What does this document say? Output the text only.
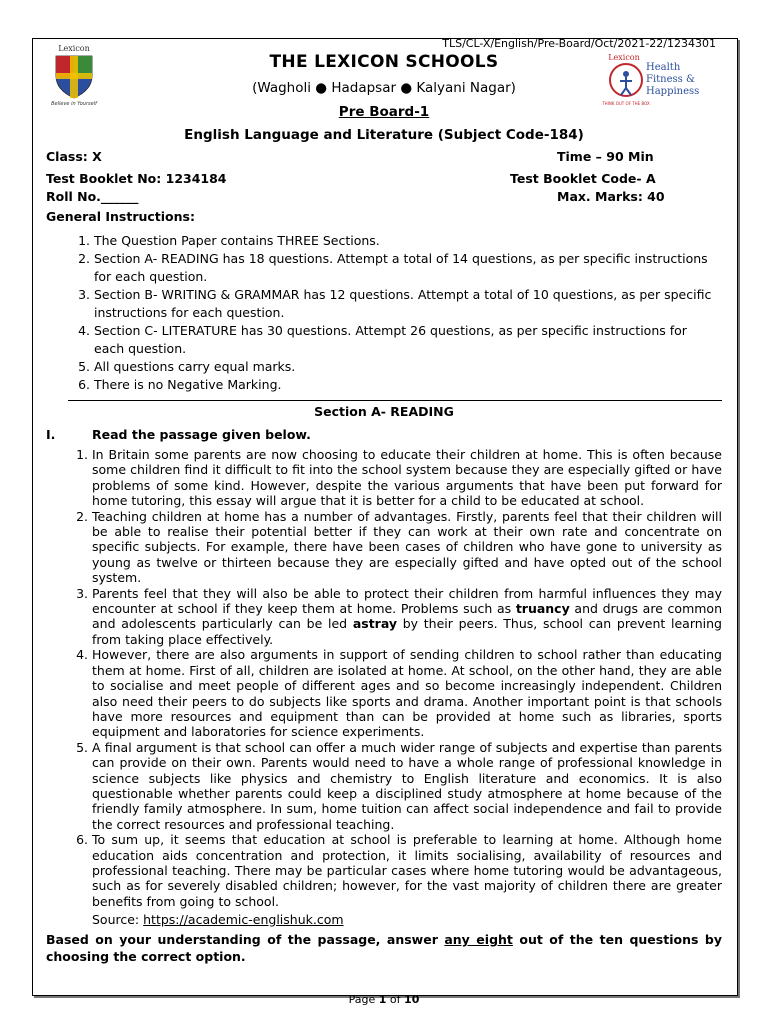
TLS/CL-X/English/Pre-Board/Oct/2021-22/1234301
Lexicon
Believe in Yourself
THE LEXICON SCHOOLS
(Wagholi ● Hadapsar ● Kalyani Nagar)
Pre Board-1
English Language and Literature (Subject Code-184)
Lexicon
Health
Fitness &
Happiness
THINK OUT OF THE BOX
Class: X	Time – 90 Min
Test Booklet No: 1234184	Test Booklet Code- A
Roll No.______	Max. Marks: 40
General Instructions:
1. The Question Paper contains THREE Sections.
2. Section A- READING has 18 questions. Attempt a total of 14 questions, as per specific instructions for each question.
3. Section B- WRITING & GRAMMAR has 12 questions. Attempt a total of 10 questions, as per specific instructions for each question.
4. Section C- LITERATURE has 30 questions. Attempt 26 questions, as per specific instructions for each question.
5. All questions carry equal marks.
6. There is no Negative Marking.
Section A- READING
I.	Read the passage given below.
1. In Britain some parents are now choosing to educate their children at home. This is often because some children find it difficult to fit into the school system because they are especially gifted or have problems of some kind. However, despite the various arguments that have been put forward for home tutoring, this essay will argue that it is better for a child to be educated at school.
2. Teaching children at home has a number of advantages. Firstly, parents feel that their children will be able to realise their potential better if they can work at their own rate and concentrate on specific subjects. For example, there have been cases of children who have gone to university as young as twelve or thirteen because they are especially gifted and have opted out of the school system.
3. Parents feel that they will also be able to protect their children from harmful influences they may encounter at school if they keep them at home. Problems such as truancy and drugs are common and adolescents particularly can be led astray by their peers. Thus, school can prevent learning from taking place effectively.
4. However, there are also arguments in support of sending children to school rather than educating them at home. First of all, children are isolated at home. At school, on the other hand, they are able to socialise and meet people of different ages and so become increasingly independent. Children also need their peers to do subjects like sports and drama. Another important point is that schools have more resources and equipment than can be provided at home such as libraries, sports equipment and laboratories for science experiments.
5. A final argument is that school can offer a much wider range of subjects and expertise than parents can provide on their own. Parents would need to have a whole range of professional knowledge in science subjects like physics and chemistry to English literature and economics. It is also questionable whether parents could keep a disciplined study atmosphere at home because of the friendly family atmosphere. In sum, home tuition can affect social independence and fail to provide the correct resources and professional teaching.
6. To sum up, it seems that education at school is preferable to learning at home. Although home education aids concentration and protection, it limits socialising, availability of resources and professional teaching. There may be particular cases where home tutoring would be advantageous, such as for severely disabled children; however, for the vast majority of children there are greater benefits from going to school.
Source: https://academic-englishuk.com
Based on your understanding of the passage, answer any eight out of the ten questions by choosing the correct option.
Page 1 of 10
